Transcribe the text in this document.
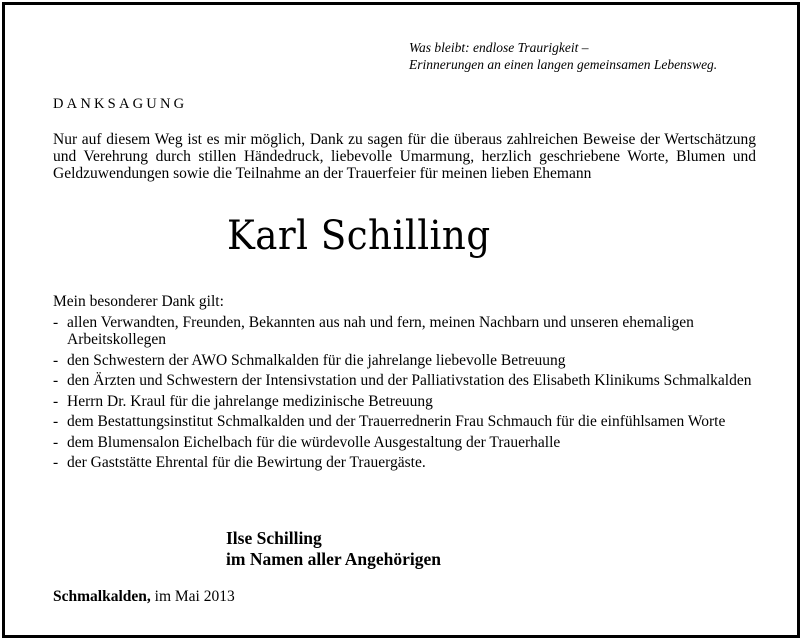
Was bleibt: endlose Traurigkeit –
Erinnerungen an einen langen gemeinsamen Lebensweg.
DANKSAGUNG
Nur auf diesem Weg ist es mir möglich, Dank zu sagen für die überaus zahlreichen Beweise der Wertschätzung und Verehrung durch stillen Händedruck, liebevolle Umarmung, herzlich geschriebene Worte, Blumen und Geldzuwendungen sowie die Teilnahme an der Trauerfeier für meinen lieben Ehemann
Karl Schilling
Mein besonderer Dank gilt:
- allen Verwandten, Freunden, Bekannten aus nah und fern, meinen Nachbarn und unseren ehemaligen Arbeitskollegen
- den Schwestern der AWO Schmalkalden für die jahrelange liebevolle Betreuung
- den Ärzten und Schwestern der Intensivstation und der Palliativstation des Elisabeth Klinikums Schmalkalden
- Herrn Dr. Kraul für die jahrelange medizinische Betreuung
- dem Bestattungsinstitut Schmalkalden und der Trauerrednerin Frau Schmauch für die einfühlsamen Worte
- dem Blumensalon Eichelbach für die würdevolle Ausgestaltung der Trauerhalle
- der Gaststätte Ehrental für die Bewirtung der Trauergäste.
Ilse Schilling
im Namen aller Angehörigen
Schmalkalden, im Mai 2013
